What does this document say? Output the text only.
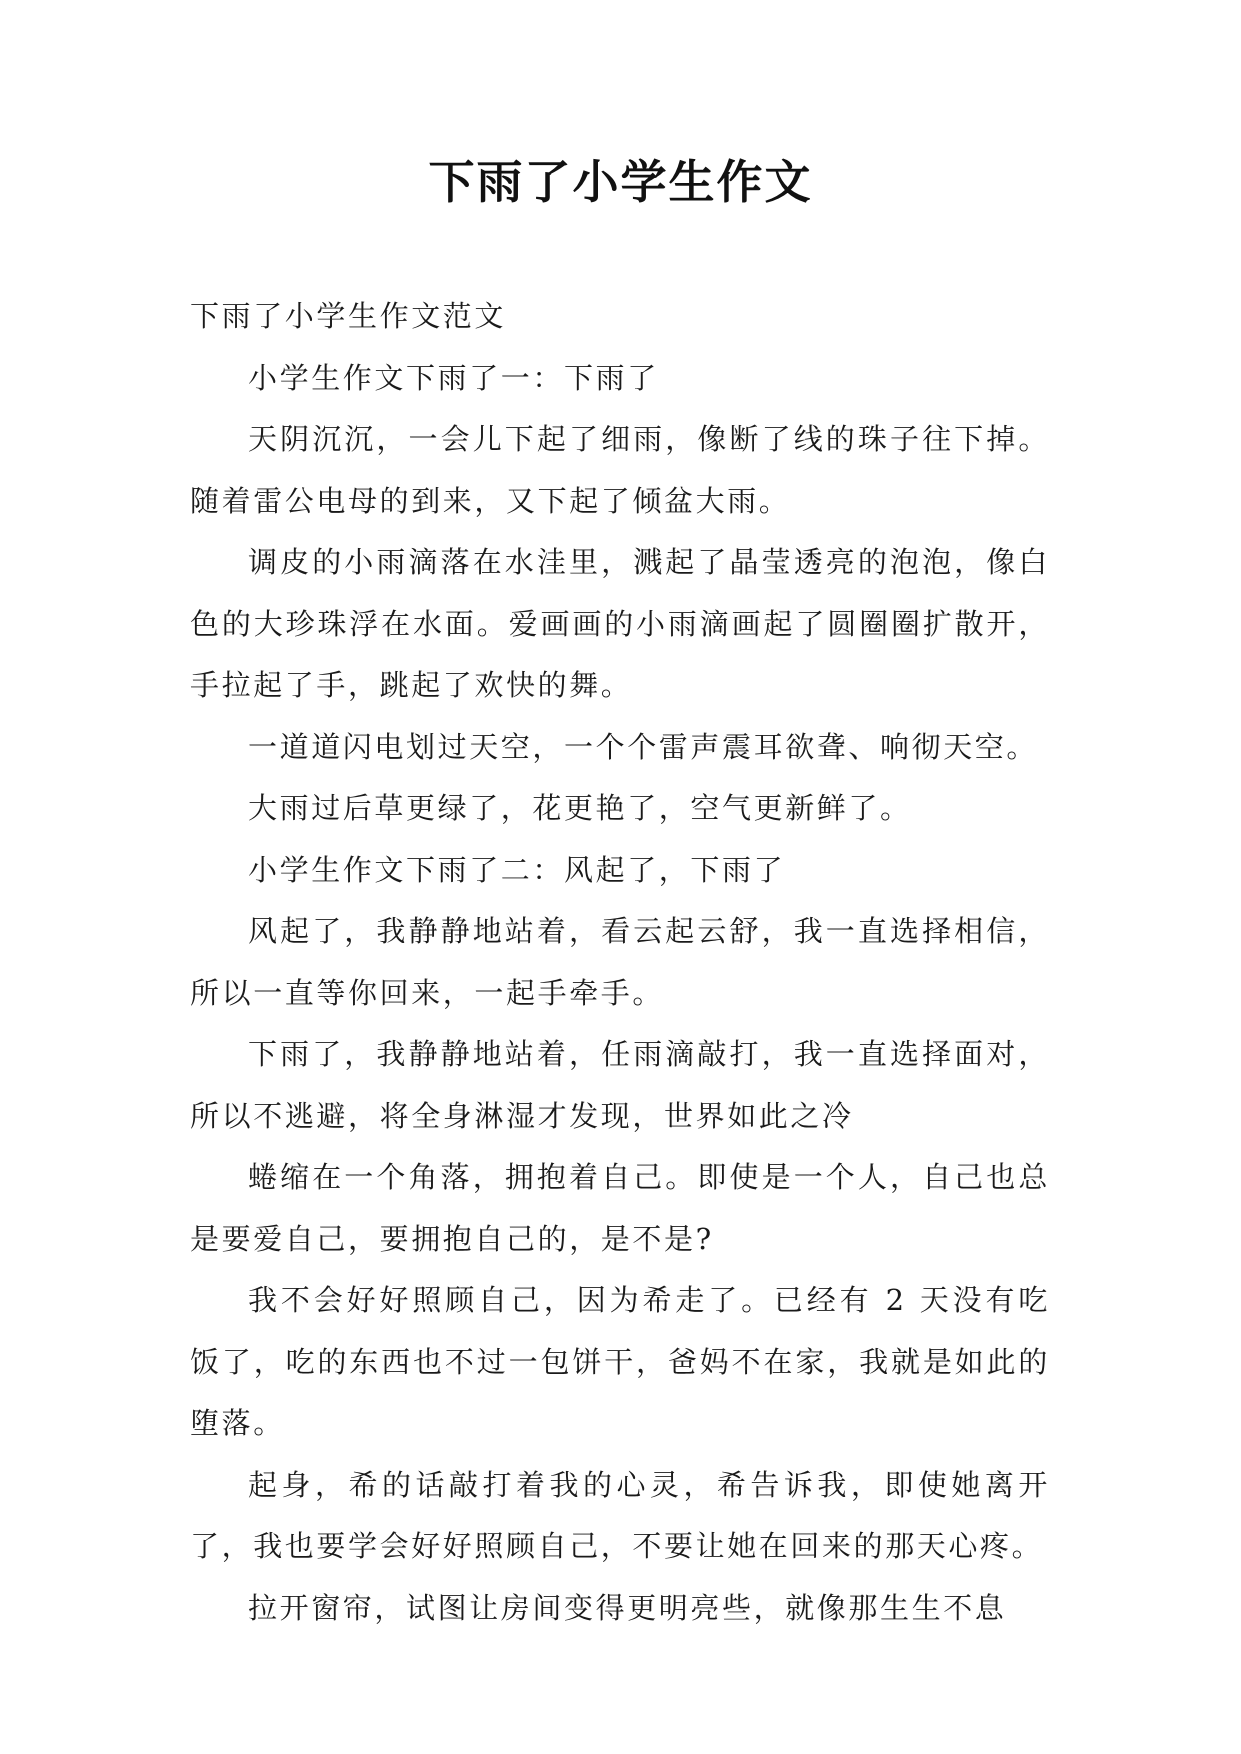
下雨了小学生作文

下雨了小学生作文范文

小学生作文下雨了一：下雨了

天阴沉沉，一会儿下起了细雨，像断了线的珠子往下掉。随着雷公电母的到来，又下起了倾盆大雨。

调皮的小雨滴落在水洼里，溅起了晶莹透亮的泡泡，像白色的大珍珠浮在水面。爱画画的小雨滴画起了圆圈圈扩散开，手拉起了手，跳起了欢快的舞。

一道道闪电划过天空，一个个雷声震耳欲聋、响彻天空。

大雨过后草更绿了，花更艳了，空气更新鲜了。

小学生作文下雨了二：风起了，下雨了

风起了，我静静地站着，看云起云舒，我一直选择相信，所以一直等你回来，一起手牵手。

下雨了，我静静地站着，任雨滴敲打，我一直选择面对，所以不逃避，将全身淋湿才发现，世界如此之冷

蜷缩在一个角落，拥抱着自己。即使是一个人，自己也总是要爱自己，要拥抱自己的，是不是?

我不会好好照顾自己，因为希走了。已经有 2 天没有吃饭了，吃的东西也不过一包饼干，爸妈不在家，我就是如此的堕落。

起身，希的话敲打着我的心灵，希告诉我，即使她离开了，我也要学会好好照顾自己，不要让她在回来的那天心疼。

拉开窗帘，试图让房间变得更明亮些，就像那生生不息
